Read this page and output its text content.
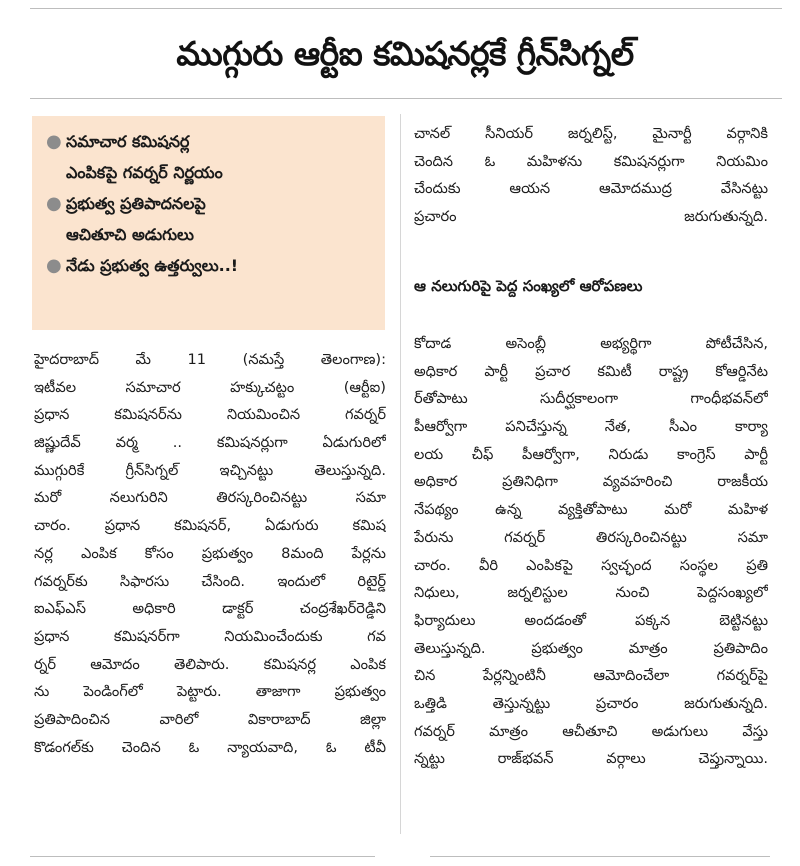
ముగ్గురు ఆర్టీఐ కమిషనర్లకే గ్రీన్‌సిగ్నల్
● సమాచార కమిషనర్ల
ఎంపికపై గవర్నర్ నిర్ణయం
● ప్రభుత్వ ప్రతిపాదనలపై
ఆచితూచి అడుగులు
● నేడు ప్రభుత్వ ఉత్తర్వులు..!
హైదరాబాద్ మే 11 (నమస్తే తెలంగాణ):
ఇటీవల సమాచార హక్కుచట్టం (ఆర్టీఐ)
ప్రధాన కమిషనర్‌ను నియమించిన గవర్నర్
జిష్ణుదేవ్ వర్మ .. కమిషనర్లుగా ఏడుగురిలో
ముగ్గురికే గ్రీన్‌సిగ్నల్ ఇచ్చినట్టు తెలుస్తున్నది.
మరో నలుగురిని తిరస్కరించినట్టు సమా
చారం. ప్రధాన కమిషనర్, ఏడుగురు కమిష
నర్ల ఎంపిక కోసం ప్రభుత్వం 8మంది పేర్లను
గవర్నర్‌కు సిఫారసు చేసింది. ఇందులో రిటైర్డ్
ఐఎఫ్ఎస్ అధికారి డాక్టర్ చంద్రశేఖర్‌రెడ్డిని
ప్రధాన కమిషనర్‌గా నియమించేందుకు గవ
ర్నర్ ఆమోదం తెలిపారు. కమిషనర్ల ఎంపిక
ను పెండింగ్‌లో పెట్టారు. తాజాగా ప్రభుత్వం
ప్రతిపాదించిన వారిలో వికారాబాద్ జిల్లా
కొడంగల్‌కు చెందిన ఓ న్యాయవాది, ఓ టీవీ
చానల్ సీనియర్ జర్నలిస్ట్, మైనార్టీ వర్గానికి
చెందిన ఓ మహిళను కమిషనర్లుగా నియమిం
చేందుకు ఆయన ఆమోదముద్ర వేసినట్టు
ప్రచారం జరుగుతున్నది.
ఆ నలుగురిపై పెద్ద సంఖ్యలో ఆరోపణలు
కోదాడ అసెంబ్లీ అభ్యర్థిగా పోటీచేసిన,
అధికార పార్టీ ప్రచార కమిటీ రాష్ట్ర కోఆర్డినేట
ర్‌తోపాటు సుదీర్ఘకాలంగా గాంధీభవన్‌లో
పీఆర్వోగా పనిచేస్తున్న నేత, సీఎం కార్యా
లయ చీఫ్ పీఆర్వోగా, నిరుడు కాంగ్రెస్ పార్టీ
అధికార ప్రతినిధిగా వ్యవహరించి రాజకీయ
నేపథ్యం ఉన్న వ్యక్తితోపాటు మరో మహిళ
పేరును గవర్నర్ తిరస్కరించినట్టు సమా
చారం. వీరి ఎంపికపై స్వచ్ఛంద సంస్థల ప్రతి
నిధులు, జర్నలిస్టుల నుంచి పెద్దసంఖ్యలో
ఫిర్యాదులు అందడంతో పక్కన బెట్టినట్టు
తెలుస్తున్నది. ప్రభుత్వం మాత్రం ప్రతిపాదిం
చిన పేర్లన్నింటినీ ఆమోదించేలా గవర్నర్‌పై
ఒత్తిడి తెస్తున్నట్టు ప్రచారం జరుగుతున్నది.
గవర్నర్ మాత్రం ఆచీతూచి అడుగులు వేస్తు
న్నట్టు రాజ్‌భవన్ వర్గాలు చెప్తున్నాయి.
